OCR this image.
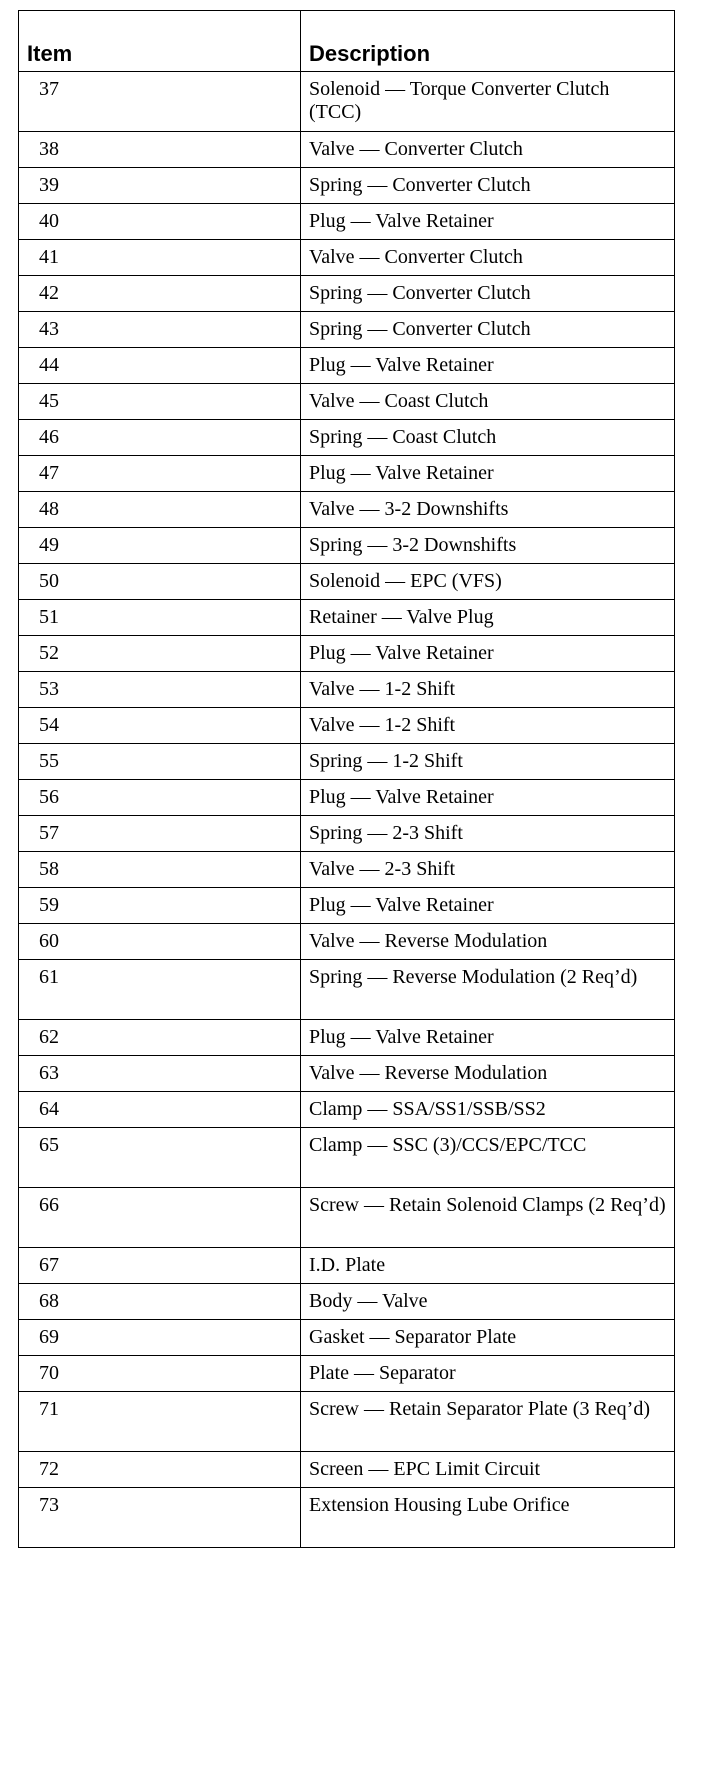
Item	Description
37	Solenoid — Torque Converter Clutch (TCC)
38	Valve — Converter Clutch
39	Spring — Converter Clutch
40	Plug — Valve Retainer
41	Valve — Converter Clutch
42	Spring — Converter Clutch
43	Spring — Converter Clutch
44	Plug — Valve Retainer
45	Valve — Coast Clutch
46	Spring — Coast Clutch
47	Plug — Valve Retainer
48	Valve — 3-2 Downshifts
49	Spring — 3-2 Downshifts
50	Solenoid — EPC (VFS)
51	Retainer — Valve Plug
52	Plug — Valve Retainer
53	Valve — 1-2 Shift
54	Valve — 1-2 Shift
55	Spring — 1-2 Shift
56	Plug — Valve Retainer
57	Spring — 2-3 Shift
58	Valve — 2-3 Shift
59	Plug — Valve Retainer
60	Valve — Reverse Modulation
61	Spring — Reverse Modulation (2 Req’d)
62	Plug — Valve Retainer
63	Valve — Reverse Modulation
64	Clamp — SSA/SS1/SSB/SS2
65	Clamp — SSC (3)/CCS/EPC/TCC
66	Screw — Retain Solenoid Clamps (2 Req’d)
67	I.D. Plate
68	Body — Valve
69	Gasket — Separator Plate
70	Plate — Separator
71	Screw — Retain Separator Plate (3 Req’d)
72	Screen — EPC Limit Circuit
73	Extension Housing Lube Orifice
